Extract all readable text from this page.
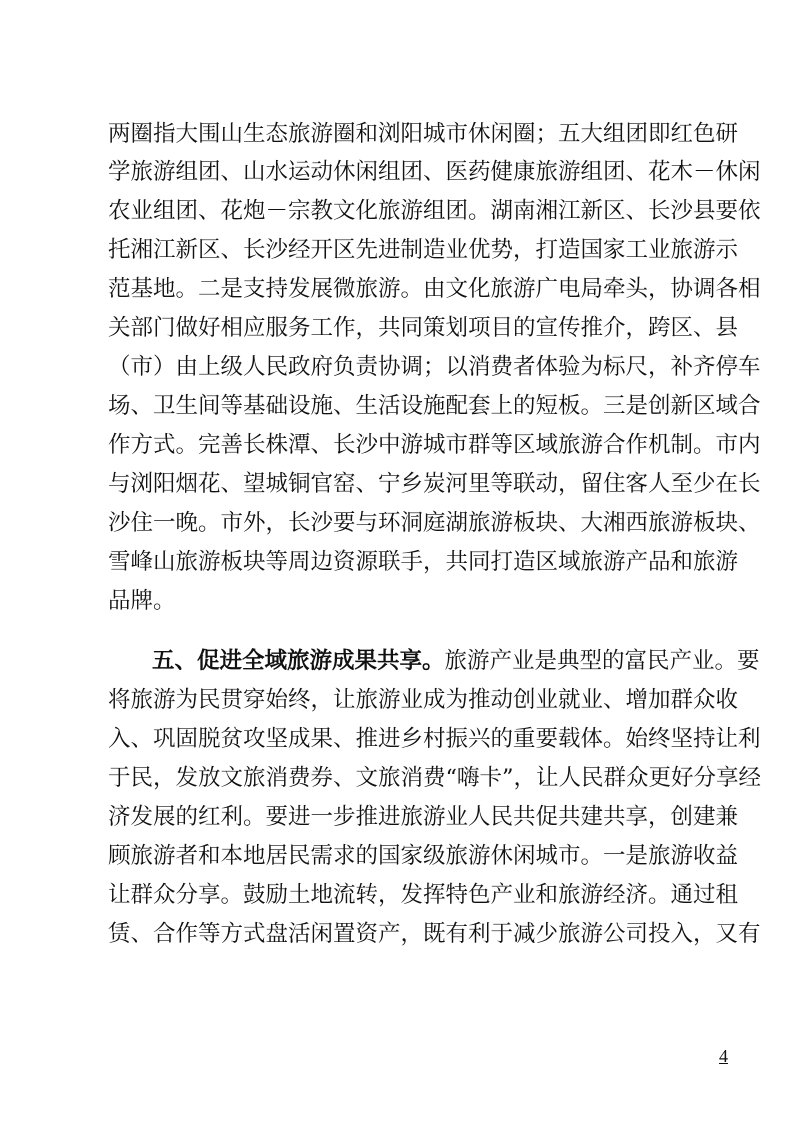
两圈指大围山生态旅游圈和浏阳城市休闲圈；五大组团即红色研
学旅游组团、山水运动休闲组团、医药健康旅游组团、花木－休闲
农业组团、花炮－宗教文化旅游组团。湖南湘江新区、长沙县要依
托湘江新区、长沙经开区先进制造业优势，打造国家工业旅游示
范基地。二是支持发展微旅游。由文化旅游广电局牵头，协调各相
关部门做好相应服务工作，共同策划项目的宣传推介，跨区、县
（市）由上级人民政府负责协调；以消费者体验为标尺，补齐停车
场、卫生间等基础设施、生活设施配套上的短板。三是创新区域合
作方式。完善长株潭、长沙中游城市群等区域旅游合作机制。市内
与浏阳烟花、望城铜官窑、宁乡炭河里等联动，留住客人至少在长
沙住一晚。市外，长沙要与环洞庭湖旅游板块、大湘西旅游板块、
雪峰山旅游板块等周边资源联手，共同打造区域旅游产品和旅游
品牌。
五、促进全域旅游成果共享。旅游产业是典型的富民产业。要
将旅游为民贯穿始终，让旅游业成为推动创业就业、增加群众收
入、巩固脱贫攻坚成果、推进乡村振兴的重要载体。始终坚持让利
于民，发放文旅消费券、文旅消费“嗨卡”，让人民群众更好分享经
济发展的红利。要进一步推进旅游业人民共促共建共享，创建兼
顾旅游者和本地居民需求的国家级旅游休闲城市。一是旅游收益
让群众分享。鼓励土地流转，发挥特色产业和旅游经济。通过租
赁、合作等方式盘活闲置资产，既有利于减少旅游公司投入，又有
4
